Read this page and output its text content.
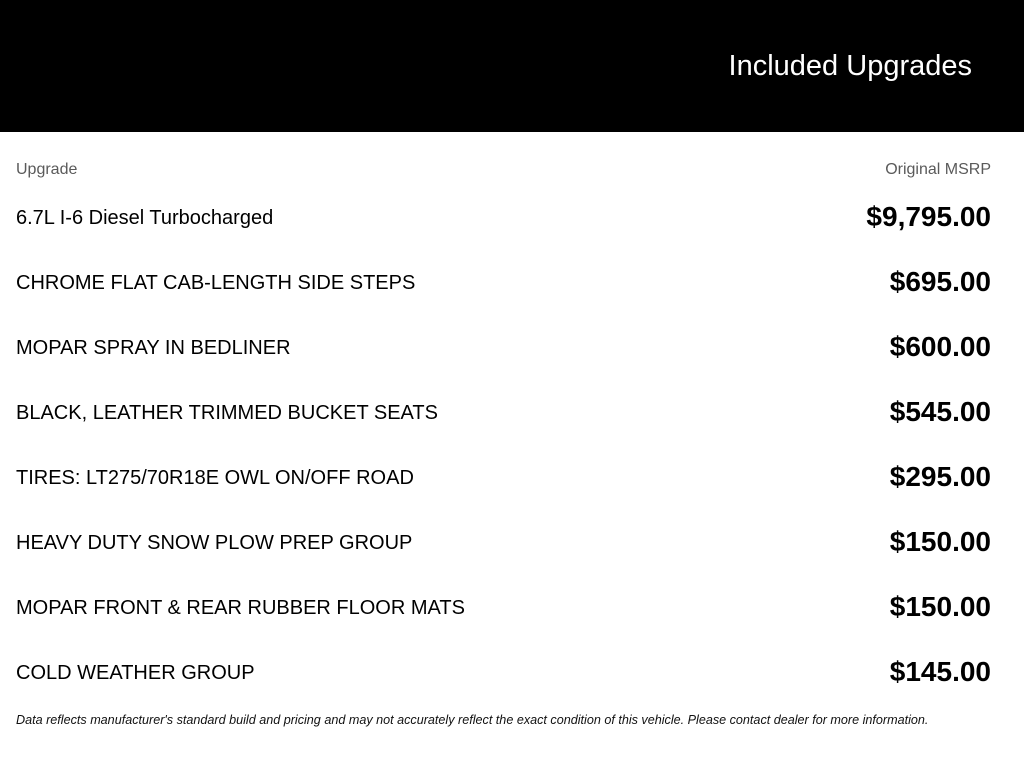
Included Upgrades
Upgrade	Original MSRP
6.7L I-6 Diesel Turbocharged	$9,795.00
CHROME FLAT CAB-LENGTH SIDE STEPS	$695.00
MOPAR SPRAY IN BEDLINER	$600.00
BLACK, LEATHER TRIMMED BUCKET SEATS	$545.00
TIRES: LT275/70R18E OWL ON/OFF ROAD	$295.00
HEAVY DUTY SNOW PLOW PREP GROUP	$150.00
MOPAR FRONT & REAR RUBBER FLOOR MATS	$150.00
COLD WEATHER GROUP	$145.00

Data reflects manufacturer's standard build and pricing and may not accurately reflect the exact condition of this vehicle. Please contact dealer for more information.
